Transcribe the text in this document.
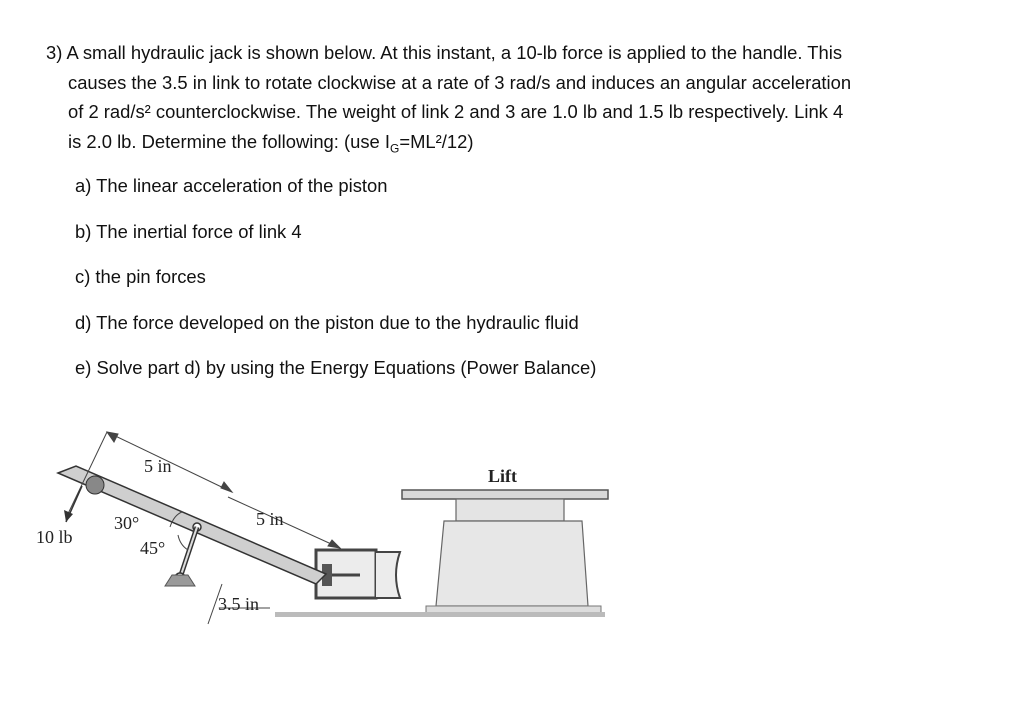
3) A small hydraulic jack is shown below. At this instant, a 10-lb force is applied to the handle. This
causes the 3.5 in link to rotate clockwise at a rate of 3 rad/s and induces an angular acceleration
of 2 rad/s² counterclockwise. The weight of link 2 and 3 are 1.0 lb and 1.5 lb respectively. Link 4
is 2.0 lb. Determine the following: (use $I_G=ML^2/12$)
a) The linear acceleration of the piston
b) The inertial force of link 4
c) the pin forces
d) The force developed on the piston due to the hydraulic fluid
e) Solve part d) by using the Energy Equations (Power Balance)
5 in
5 in
3.5 in
10 lb
30°
45°
Lift
